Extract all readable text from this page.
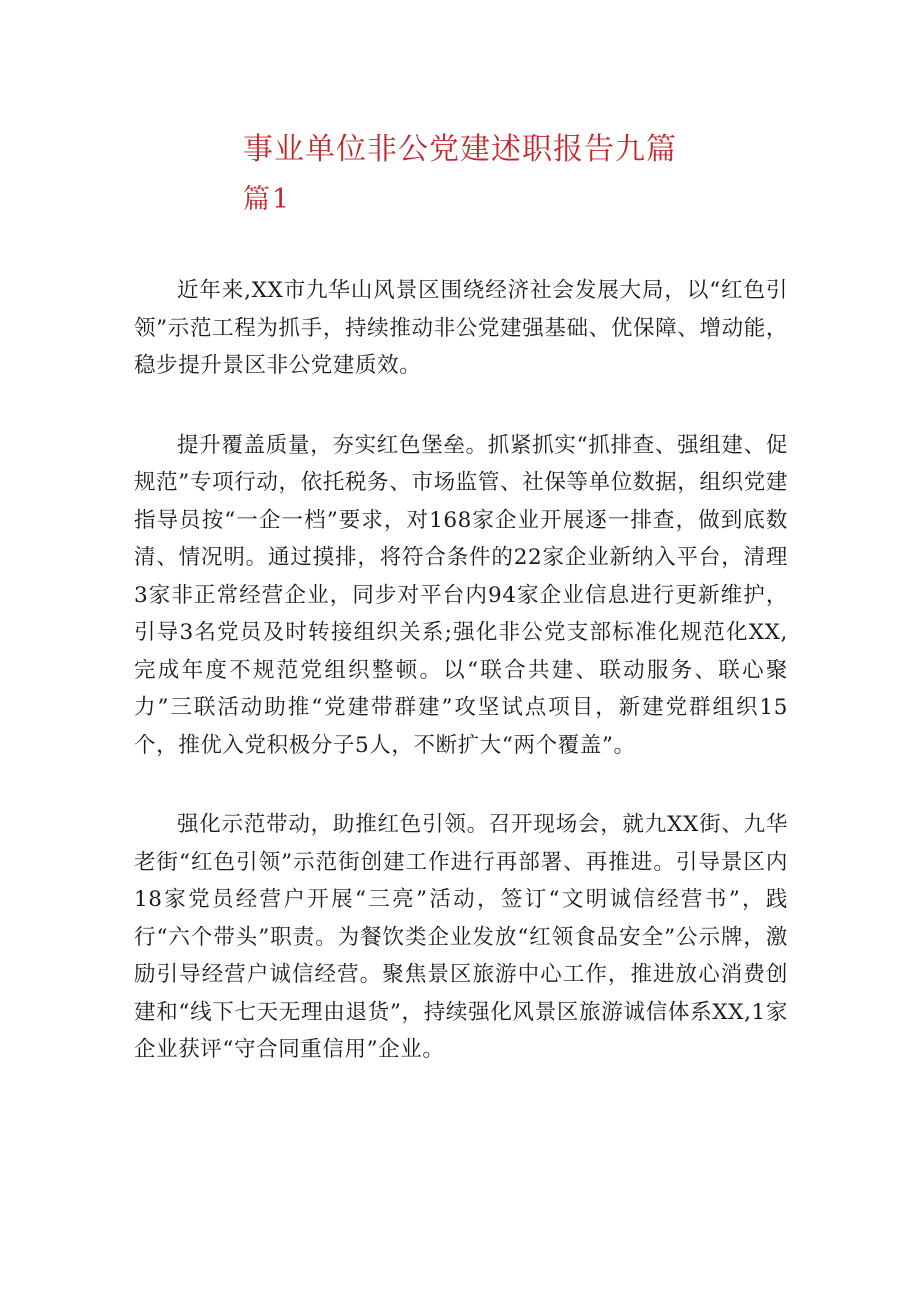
事业单位非公党建述职报告九篇
篇1

近年来,XX市九华山风景区围绕经济社会发展大局，以“红色引领”示范工程为抓手，持续推动非公党建强基础、优保障、增动能，稳步提升景区非公党建质效。

提升覆盖质量，夯实红色堡垒。抓紧抓实“抓排查、强组建、促规范”专项行动，依托税务、市场监管、社保等单位数据，组织党建指导员按“一企一档”要求，对168家企业开展逐一排查，做到底数清、情况明。通过摸排，将符合条件的22家企业新纳入平台，清理3家非正常经营企业，同步对平台内94家企业信息进行更新维护，引导3名党员及时转接组织关系;强化非公党支部标准化规范化XX,完成年度不规范党组织整顿。以“联合共建、联动服务、联心聚力”三联活动助推“党建带群建”攻坚试点项目，新建党群组织15个，推优入党积极分子5人，不断扩大“两个覆盖”。

强化示范带动，助推红色引领。召开现场会，就九XX街、九华老街“红色引领”示范街创建工作进行再部署、再推进。引导景区内18家党员经营户开展“三亮”活动，签订“文明诚信经营书”，践行“六个带头”职责。为餐饮类企业发放“红领食品安全”公示牌，激励引导经营户诚信经营。聚焦景区旅游中心工作，推进放心消费创建和“线下七天无理由退货”，持续强化风景区旅游诚信体系XX,1家企业获评“守合同重信用”企业。
